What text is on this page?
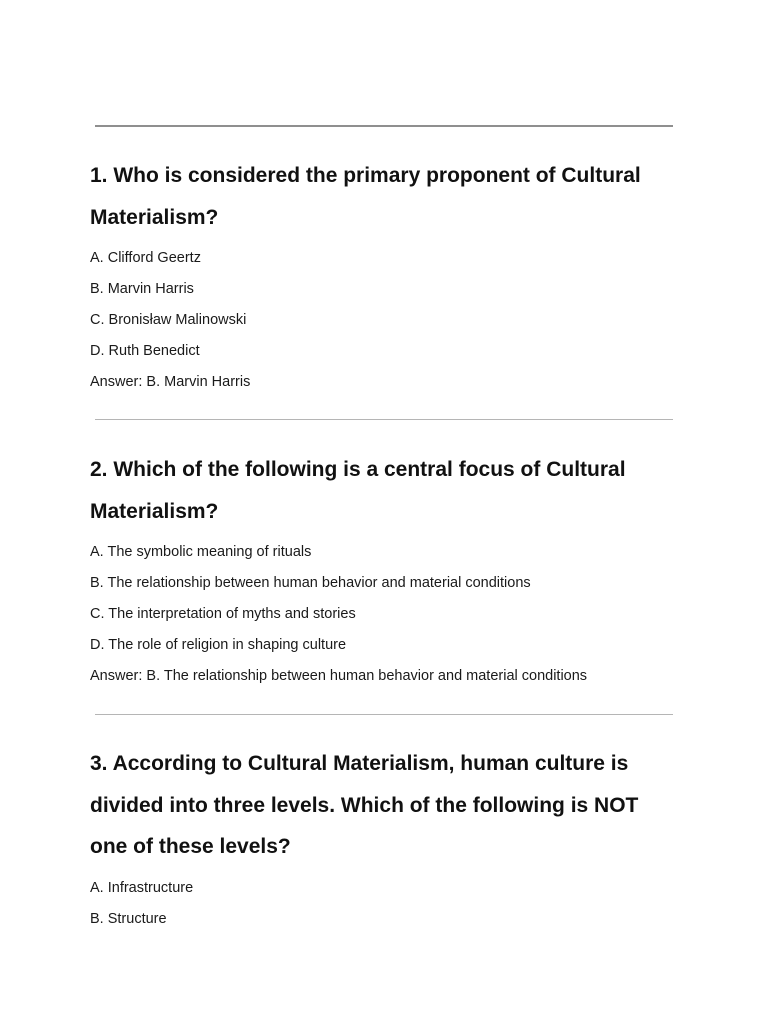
1. Who is considered the primary proponent of Cultural Materialism?
A. Clifford Geertz
B. Marvin Harris
C. Bronisław Malinowski
D. Ruth Benedict

Answer: B. Marvin Harris

2. Which of the following is a central focus of Cultural Materialism?
A. The symbolic meaning of rituals
B. The relationship between human behavior and material conditions
C. The interpretation of myths and stories
D. The role of religion in shaping culture

Answer: B. The relationship between human behavior and material conditions

3. According to Cultural Materialism, human culture is divided into three levels. Which of the following is NOT one of these levels?
A. Infrastructure
B. Structure
